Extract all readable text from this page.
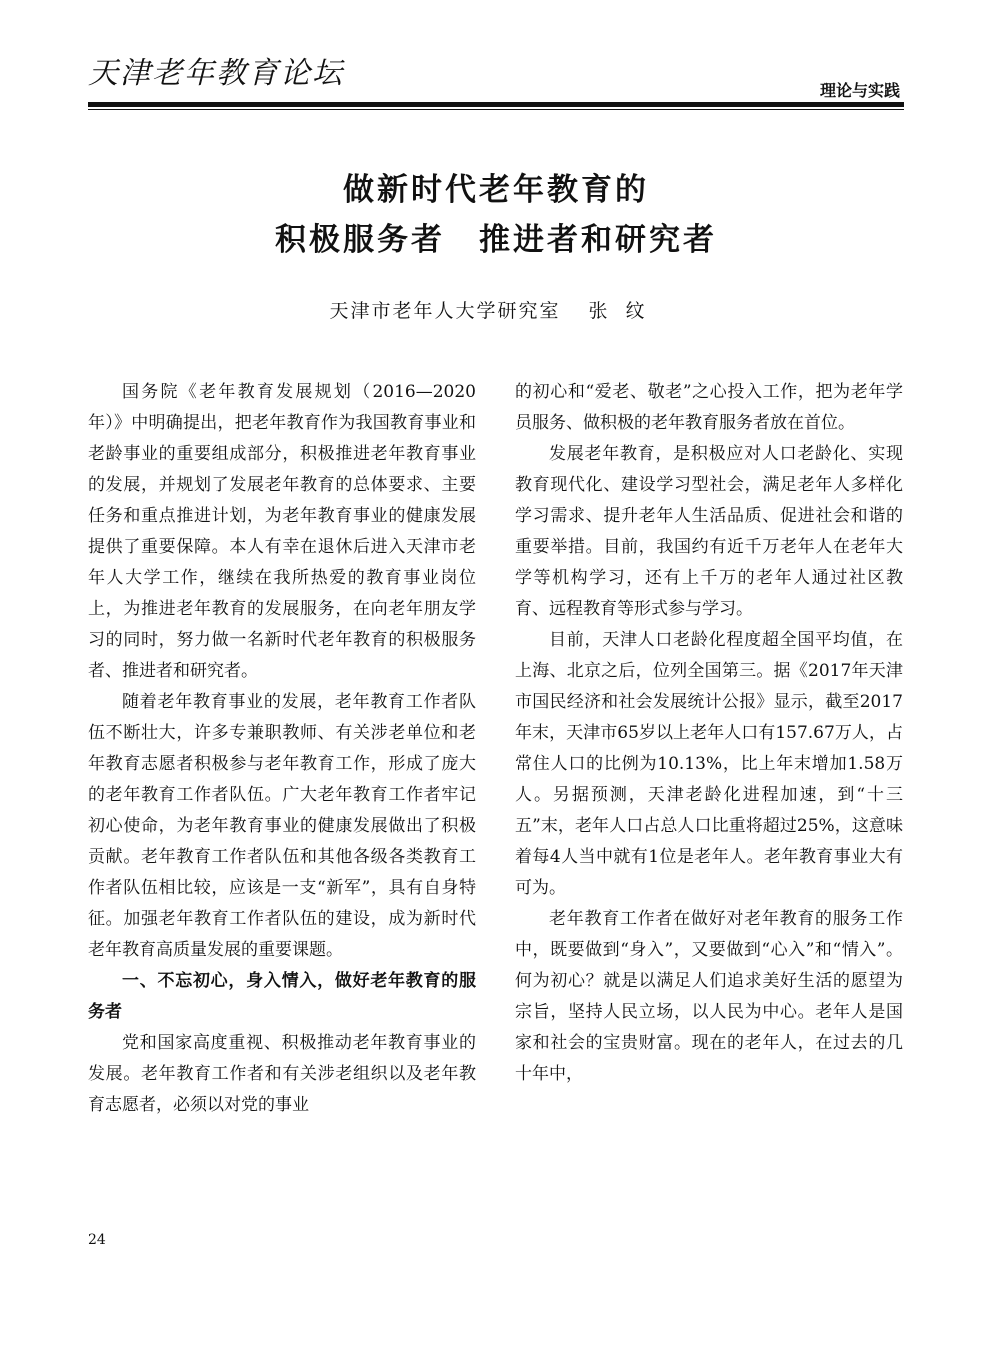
天津老年教育论坛	理论与实践
做新时代老年教育的
积极服务者　推进者和研究者
天津市老年人大学研究室 张纹

国务院《老年教育发展规划（2016—2020年）》中明确提出，把老年教育作为我国教育事业和老龄事业的重要组成部分，积极推进老年教育事业的发展，并规划了发展老年教育的总体要求、主要任务和重点推进计划，为老年教育事业的健康发展提供了重要保障。本人有幸在退休后进入天津市老年人大学工作，继续在我所热爱的教育事业岗位上，为推进老年教育的发展服务，在向老年朋友学习的同时，努力做一名新时代老年教育的积极服务者、推进者和研究者。

随着老年教育事业的发展，老年教育工作者队伍不断壮大，许多专兼职教师、有关涉老单位和老年教育志愿者积极参与老年教育工作，形成了庞大的老年教育工作者队伍。广大老年教育工作者牢记初心使命，为老年教育事业的健康发展做出了积极贡献。老年教育工作者队伍和其他各级各类教育工作者队伍相比较，应该是一支“新军”，具有自身特征。加强老年教育工作者队伍的建设，成为新时代老年教育高质量发展的重要课题。

一、不忘初心，身入情入，做好老年教育的服务者

党和国家高度重视、积极推动老年教育事业的发展。老年教育工作者和有关涉老组织以及老年教育志愿者，必须以对党的事业

的初心和“爱老、敬老”之心投入工作，把为老年学员服务、做积极的老年教育服务者放在首位。

发展老年教育，是积极应对人口老龄化、实现教育现代化、建设学习型社会，满足老年人多样化学习需求、提升老年人生活品质、促进社会和谐的重要举措。目前，我国约有近千万老年人在老年大学等机构学习，还有上千万的老年人通过社区教育、远程教育等形式参与学习。

目前，天津人口老龄化程度超全国平均值，在上海、北京之后，位列全国第三。据《2017年天津市国民经济和社会发展统计公报》显示，截至2017年末，天津市65岁以上老年人口有157.67万人，占常住人口的比例为10.13%，比上年末增加1.58万人。另据预测，天津老龄化进程加速，到“十三五”末，老年人口占总人口比重将超过25%，这意味着每4人当中就有1位是老年人。老年教育事业大有可为。

老年教育工作者在做好对老年教育的服务工作中，既要做到“身入”，又要做到“心入”和“情入”。何为初心？就是以满足人们追求美好生活的愿望为宗旨，坚持人民立场，以人民为中心。老年人是国家和社会的宝贵财富。现在的老年人，在过去的几十年中，

24
